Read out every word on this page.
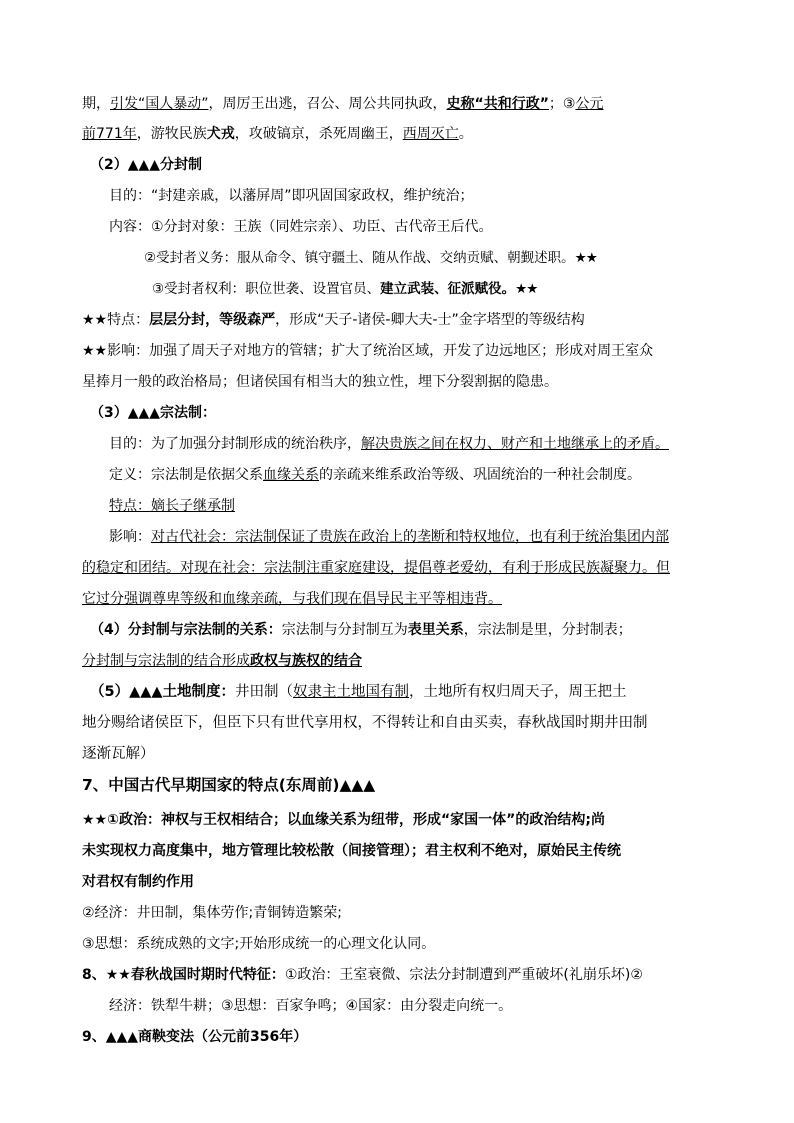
期，引发“国人暴动”，周厉王出逃，召公、周公共同执政，史称“共和行政”；③公元
前771年，游牧民族犬戎，攻破镐京，杀死周幽王，西周灭亡。
（2）▲▲▲分封制
目的：“封建亲戚，以藩屏周”即巩固国家政权，维护统治；
内容：①分封对象：王族（同姓宗亲）、功臣、古代帝王后代。
②受封者义务：服从命令、镇守疆土、随从作战、交纳贡赋、朝觐述职。★★
③受封者权利：职位世袭、设置官员、建立武装、征派赋役。★★
★★特点：层层分封，等级森严，形成“天子-诸侯-卿大夫-士”金字塔型的等级结构
★★影响：加强了周天子对地方的管辖；扩大了统治区域，开发了边远地区；形成对周王室众
星捧月一般的政治格局；但诸侯国有相当大的独立性，埋下分裂割据的隐患。
（3）▲▲▲宗法制：
目的：为了加强分封制形成的统治秩序，解决贵族之间在权力、财产和土地继承上的矛盾。
定义：宗法制是依据父系血缘关系的亲疏来维系政治等级、巩固统治的一种社会制度。
特点：嫡长子继承制
影响：对古代社会：宗法制保证了贵族在政治上的垄断和特权地位，也有利于统治集团内部
的稳定和团结。对现在社会：宗法制注重家庭建设，提倡尊老爱幼，有利于形成民族凝聚力。但
它过分强调尊卑等级和血缘亲疏，与我们现在倡导民主平等相违背。
（4）分封制与宗法制的关系：宗法制与分封制互为表里关系，宗法制是里，分封制表；
分封制与宗法制的结合形成政权与族权的结合
（5）▲▲▲土地制度：井田制（奴隶主土地国有制，土地所有权归周天子，周王把土
地分赐给诸侯臣下，但臣下只有世代享用权，不得转让和自由买卖，春秋战国时期井田制
逐渐瓦解）
7、中国古代早期国家的特点(东周前)▲▲▲
★★①政治：神权与王权相结合；以血缘关系为纽带，形成“家国一体”的政治结构;尚
未实现权力高度集中，地方管理比较松散（间接管理）；君主权利不绝对，原始民主传统
对君权有制约作用
②经济：井田制，集体劳作;青铜铸造繁荣;
③思想：系统成熟的文字;开始形成统一的心理文化认同。
8、★★春秋战国时期时代特征：①政治：王室衰微、宗法分封制遭到严重破坏(礼崩乐坏)②
经济：铁犁牛耕；③思想：百家争鸣；④国家：由分裂走向统一。
9、▲▲▲商鞅变法（公元前356年）
